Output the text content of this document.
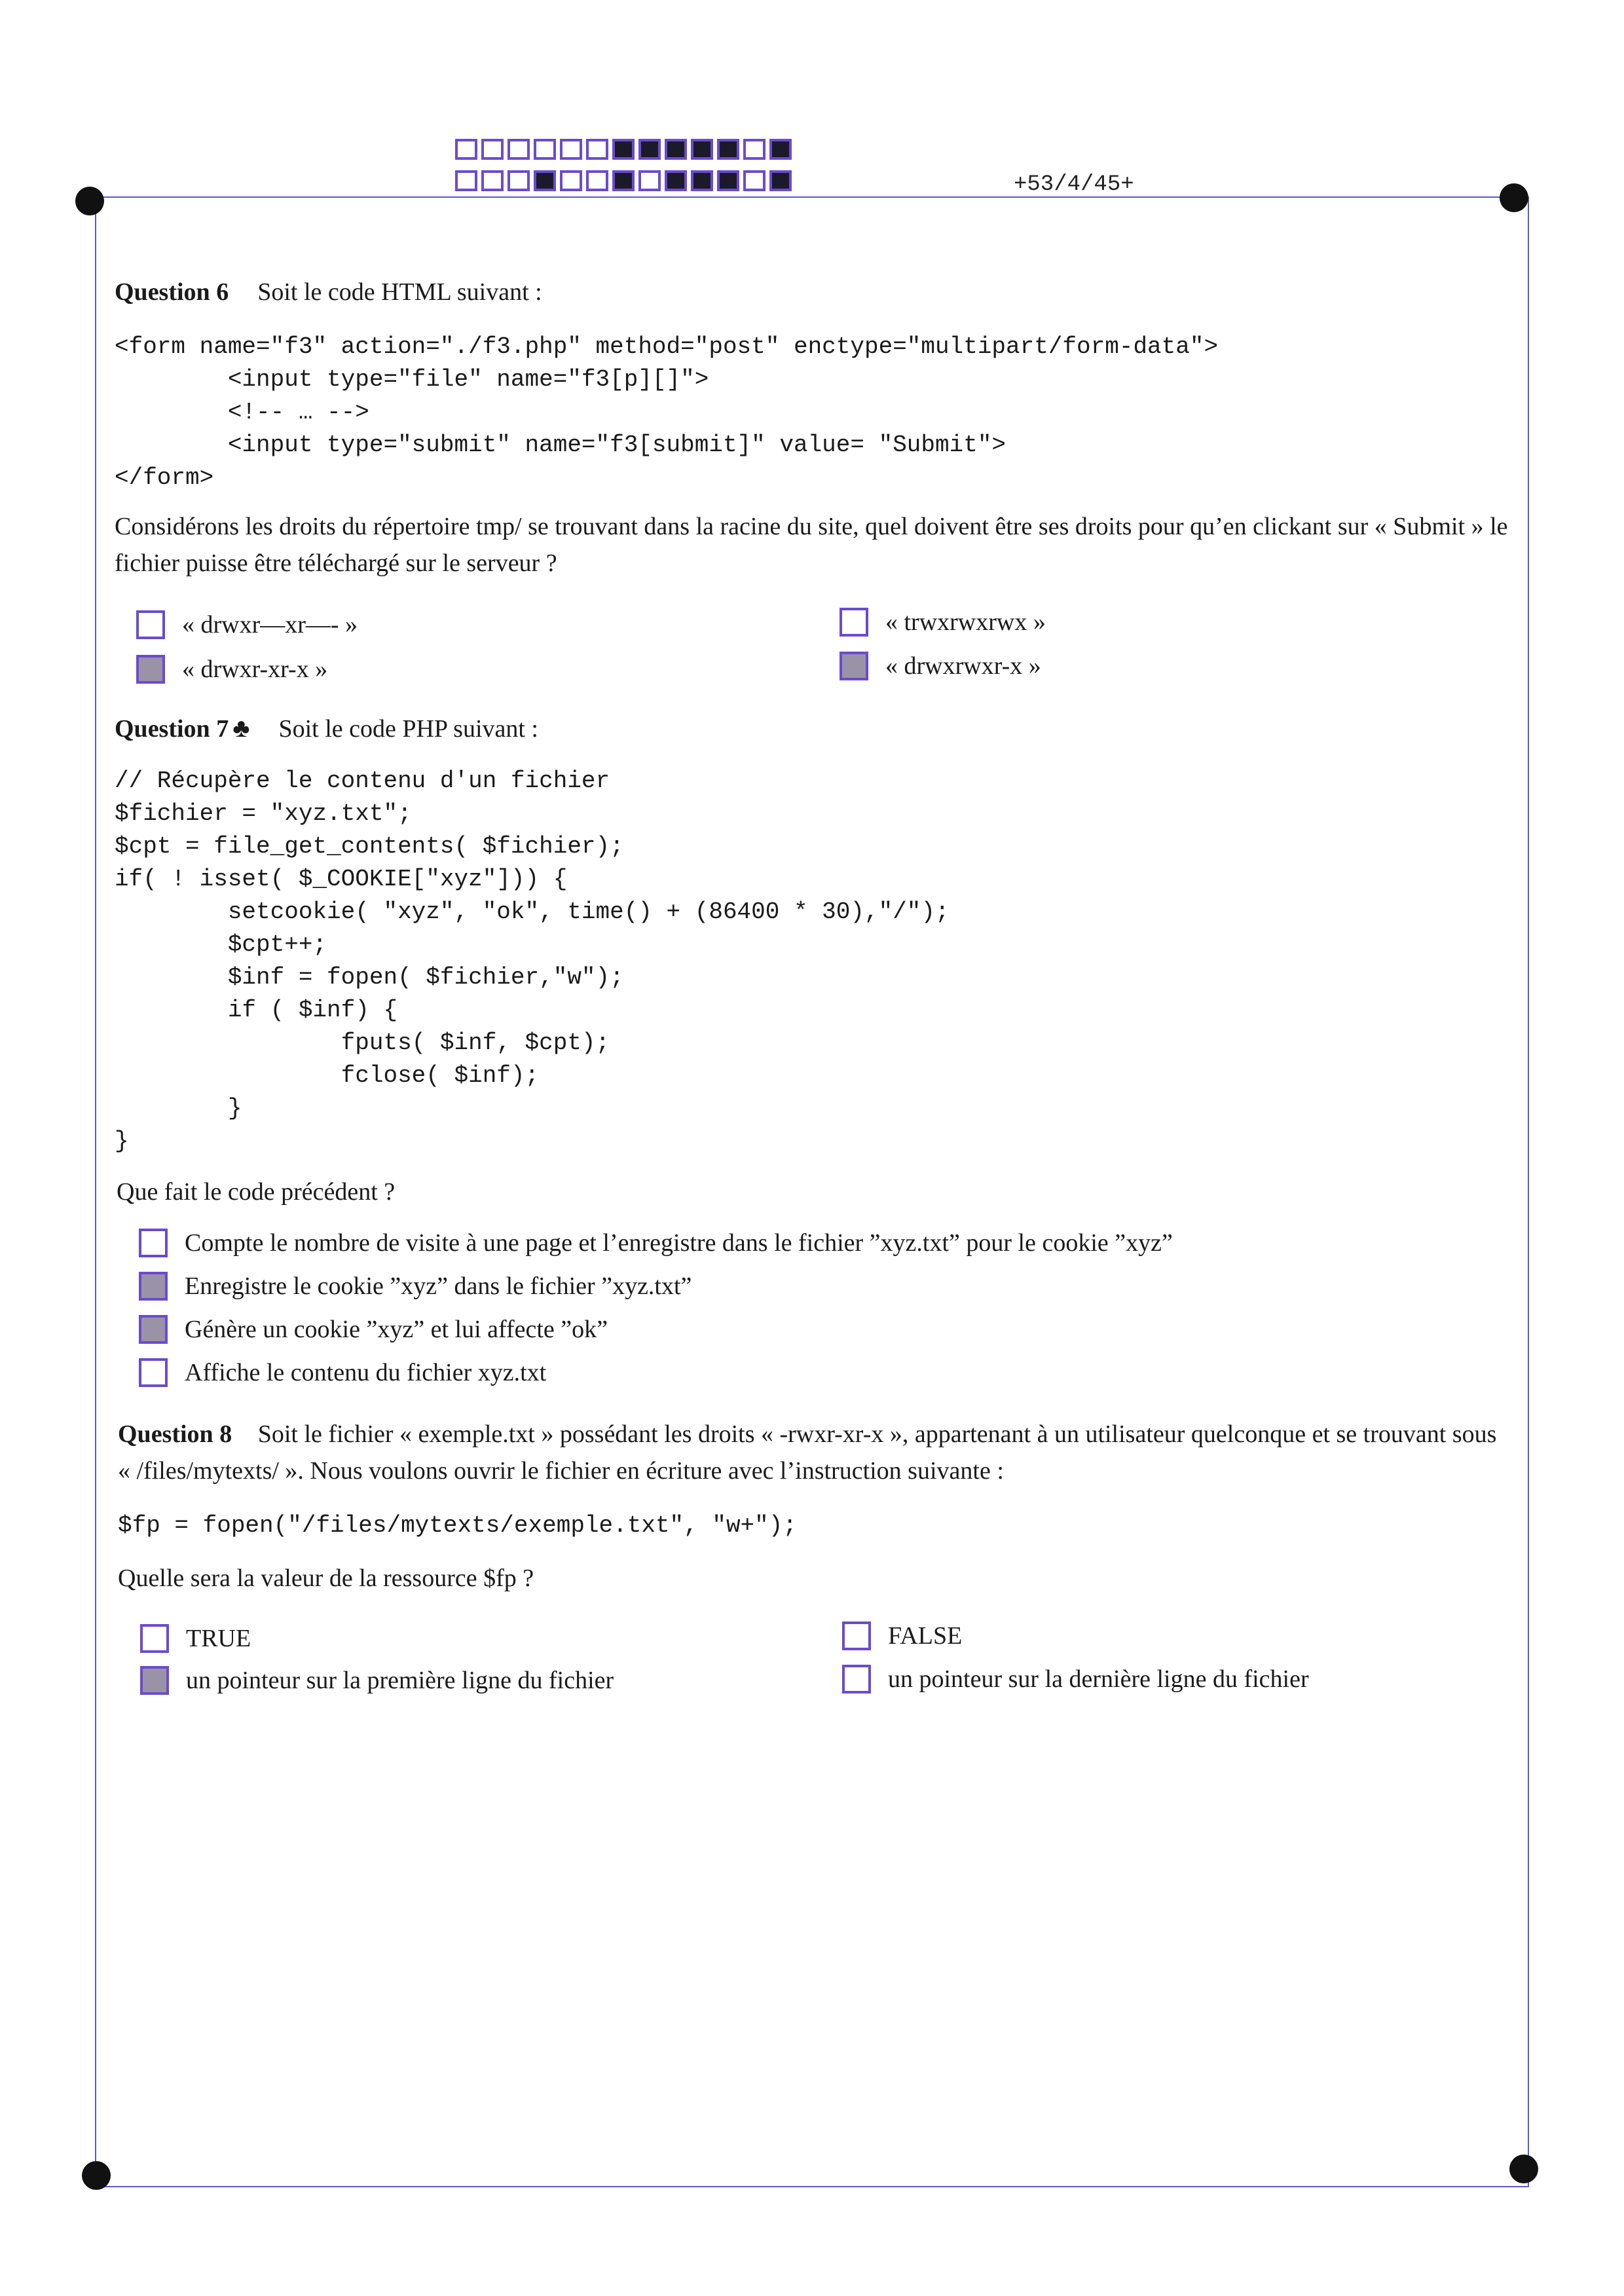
+53/4/45+
Question 6 Soit le code HTML suivant :
<form name="f3" action="./f3.php" method="post" enctype="multipart/form-data">
<input type="file" name="f3[p][]">
<!-- … -->
<input type="submit" name="f3[submit]" value= "Submit">
</form>
Considérons les droits du répertoire tmp/ se trouvant dans la racine du site, quel doivent être ses droits pour qu’en clickant sur « Submit » le fichier puisse être téléchargé sur le serveur ?
« drwxr—xr—- »	« trwxrwxrwx »
« drwxr-xr-x »	« drwxrwxr-x »
Question 7 ♣ Soit le code PHP suivant :
// Récupère le contenu d'un fichier
$fichier = "xyz.txt";
$cpt = file_get_contents( $fichier);
if( ! isset( $_COOKIE["xyz"])) {
setcookie( "xyz", "ok", time() + (86400 * 30),"/");
$cpt++;
$inf = fopen( $fichier,"w");
if ( $inf) {
fputs( $inf, $cpt);
fclose( $inf);
}
}
Que fait le code précédent ?
Compte le nombre de visite à une page et l’enregistre dans le fichier ”xyz.txt” pour le cookie ”xyz”
Enregistre le cookie ”xyz” dans le fichier ”xyz.txt”
Génère un cookie ”xyz” et lui affecte ”ok”
Affiche le contenu du fichier xyz.txt
Question 8 Soit le fichier « exemple.txt » possédant les droits « -rwxr-xr-x », appartenant à un utilisateur quelconque et se trouvant sous « /files/mytexts/ ». Nous voulons ouvrir le fichier en écriture avec l’instruction suivante :
$fp = fopen("/files/mytexts/exemple.txt", "w+");
Quelle sera la valeur de la ressource $fp ?
TRUE	FALSE
un pointeur sur la première ligne du fichier	un pointeur sur la dernière ligne du fichier
